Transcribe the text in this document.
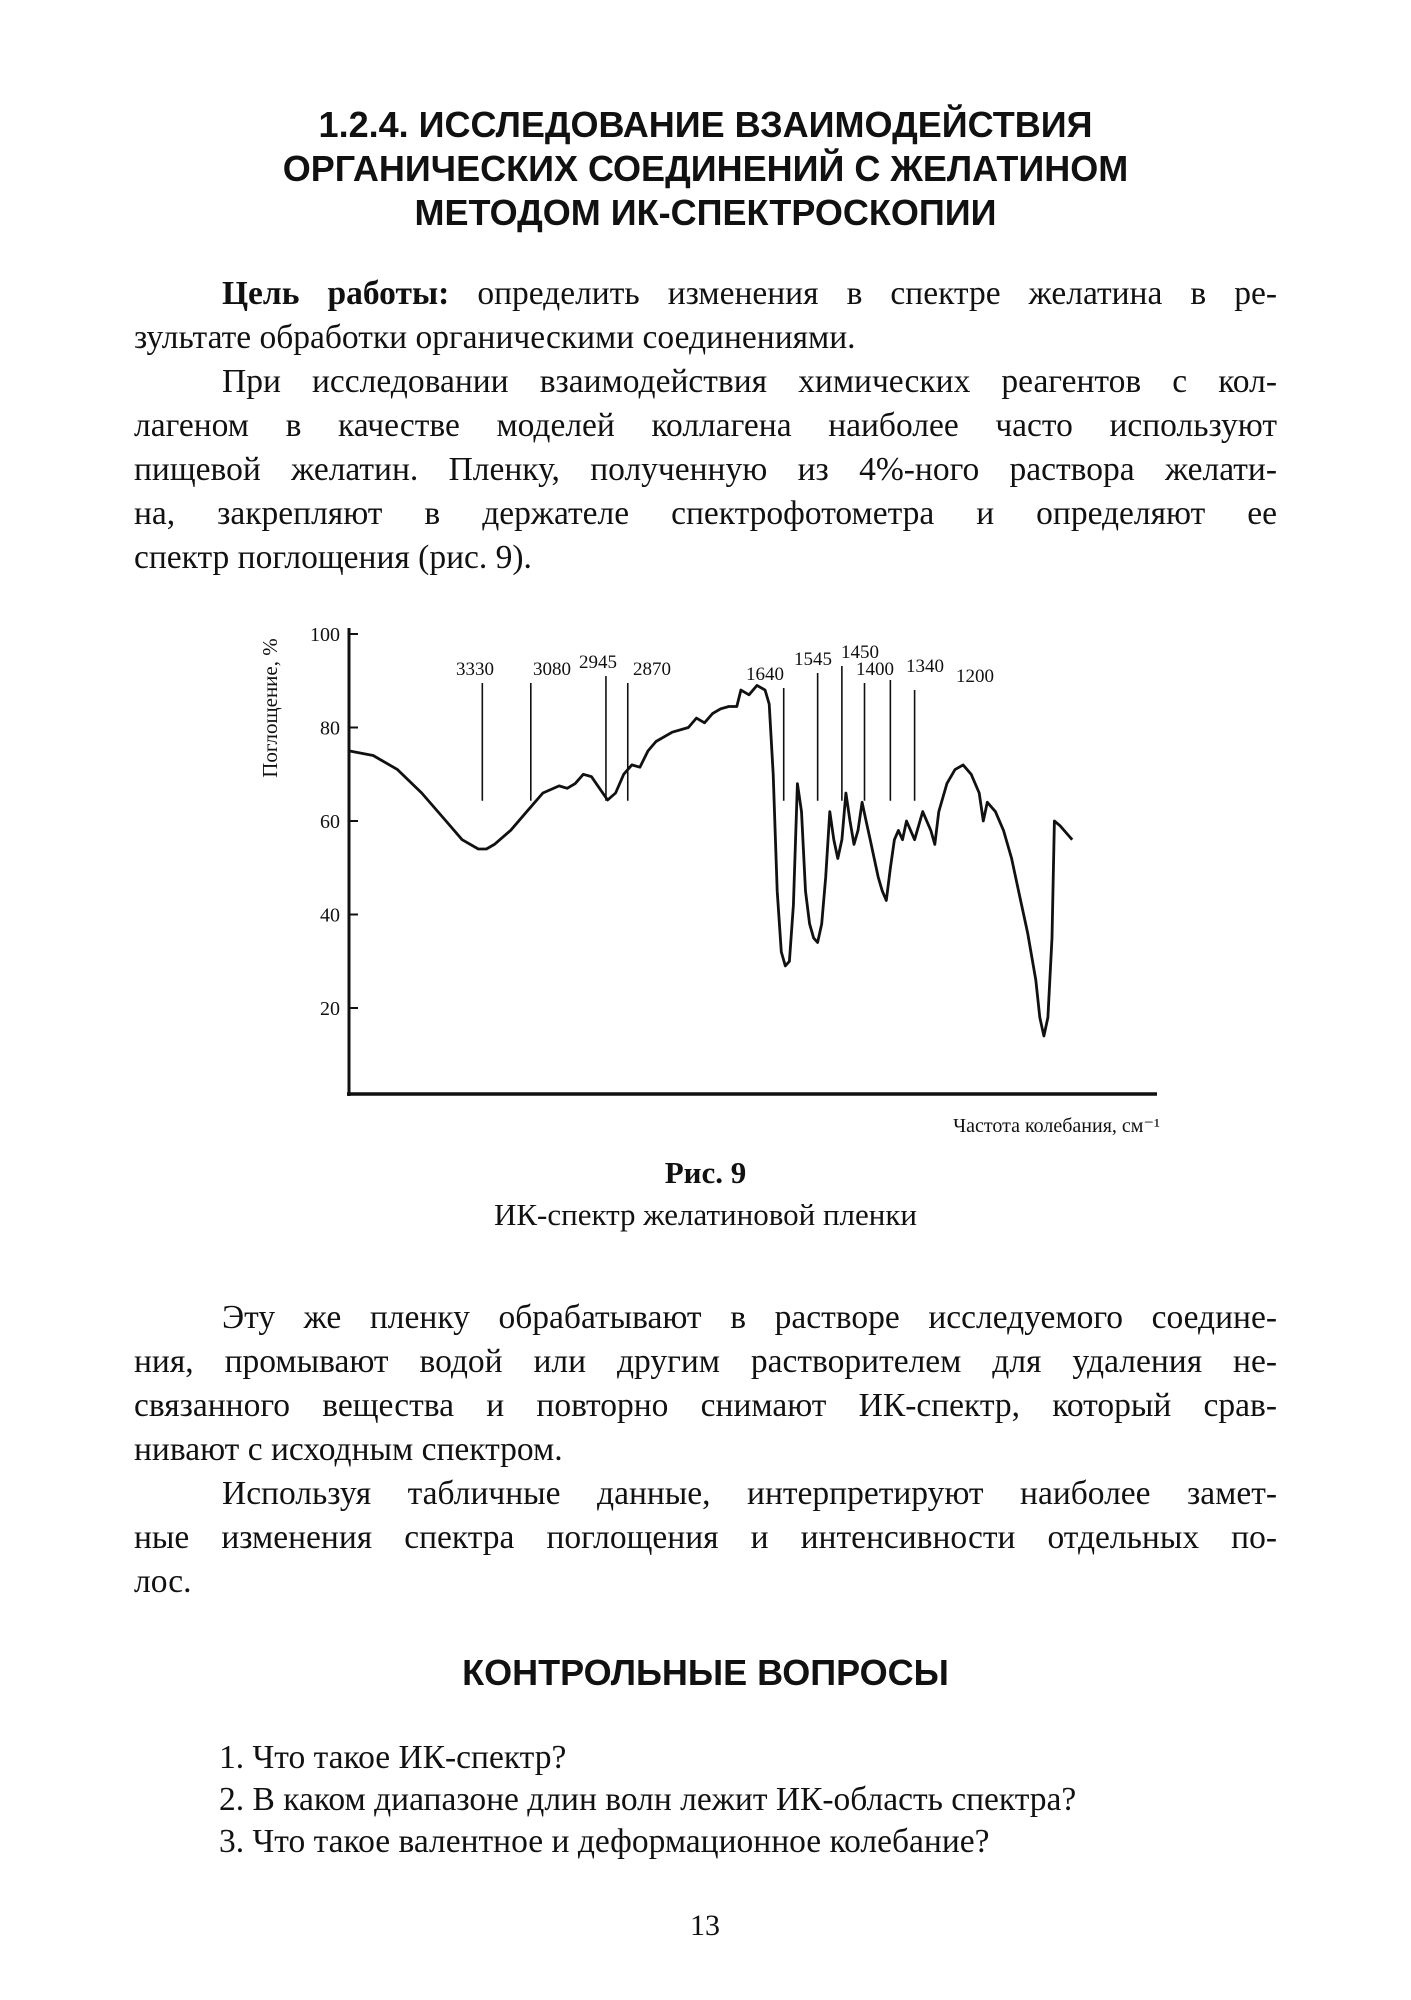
1.2.4. ИССЛЕДОВАНИЕ ВЗАИМОДЕЙСТВИЯ
ОРГАНИЧЕСКИХ СОЕДИНЕНИЙ С ЖЕЛАТИНОМ
МЕТОДОМ ИК-СПЕКТРОСКОПИИ
Цель работы: определить изменения в спектре желатина в ре-
зультате обработки органическими соединениями.
При исследовании взаимодействия химических реагентов с кол-
лагеном в качестве моделей коллагена наиболее часто используют
пищевой желатин. Пленку, полученную из 4%-ного раствора желати-
на, закрепляют в держателе спектрофотометра и определяют ее
спектр поглощения (рис. 9).
20
40
60
80
100
Поглощение, %
Частота колебания, см⁻¹
3330 3080 2945 2870	1640
1545 1450
1400 1340 1200
Рис. 9
ИК-спектр желатиновой пленки
Эту же пленку обрабатывают в растворе исследуемого соедине-
ния, промывают водой или другим растворителем для удаления не-
связанного вещества и повторно снимают ИК-спектр, который срав-
нивают с исходным спектром.
Используя табличные данные, интерпретируют наиболее замет-
ные изменения спектра поглощения и интенсивности отдельных по-
лос.
КОНТРОЛЬНЫЕ ВОПРОСЫ
1. Что такое ИК-спектр?
2. В каком диапазоне длин волн лежит ИК-область спектра?
3. Что такое валентное и деформационное колебание?
13
